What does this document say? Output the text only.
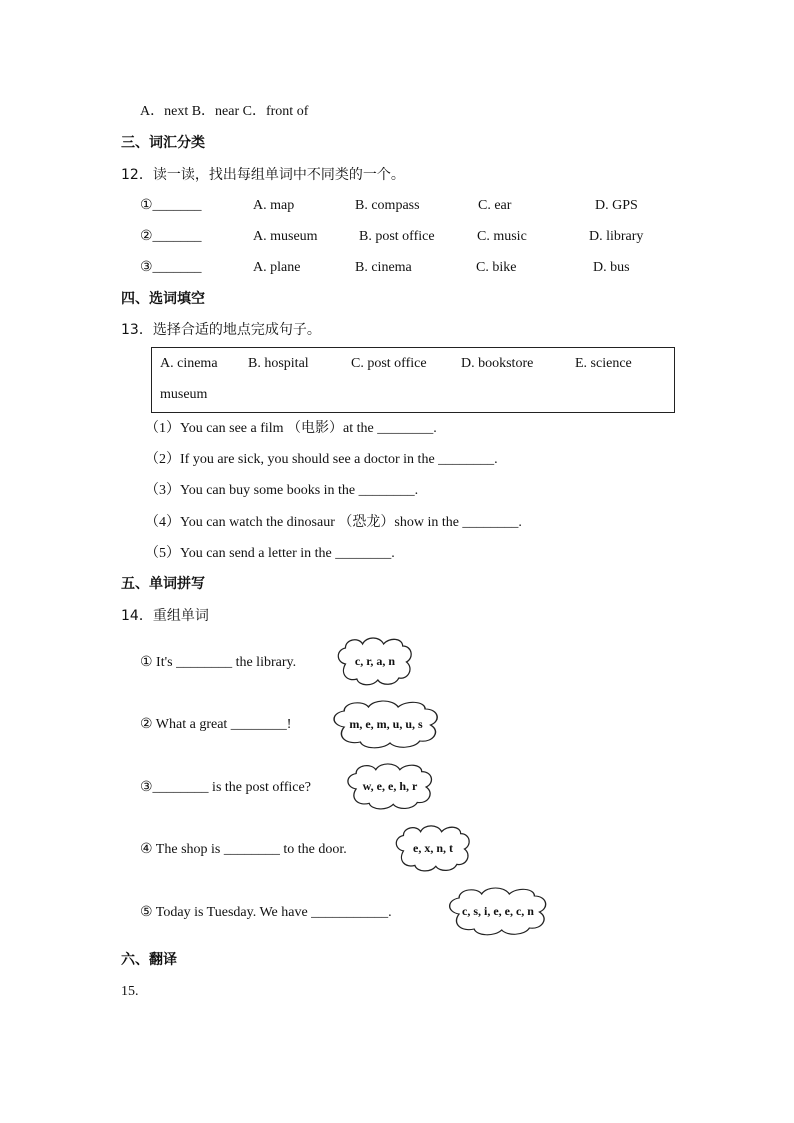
A．next B．near C．front of
三、词汇分类
12．读一读，找出每组单词中不同类的一个。
①_______	A. map	B. compass	C. ear	D. GPS
②_______	A. museum	B. post office	C. music	D. library
③_______	A. plane	B. cinema	C. bike	D. bus
四、选词填空
13．选择合适的地点完成句子。
A. cinema B. hospital	C. post office D. bookstore	E. science
museum
（1）You can see a film （电影）at the ________.
（2）If you are sick, you should see a doctor in the ________.
（3）You can buy some books in the ________.
（4）You can watch the dinosaur （恐龙）show in the ________.
（5）You can send a letter in the ________.
五、单词拼写
14．重组单词
① It's ________ the library.	c, r, a, n
② What a great ________!	m, e, m, u, u, s
③________ is the post office?	w, e, e, h, r
④ The shop is ________ to the door.	e, x, n, t
⑤ Today is Tuesday. We have ___________.	c, s, i, e, e, c, n
六、翻译
15.
